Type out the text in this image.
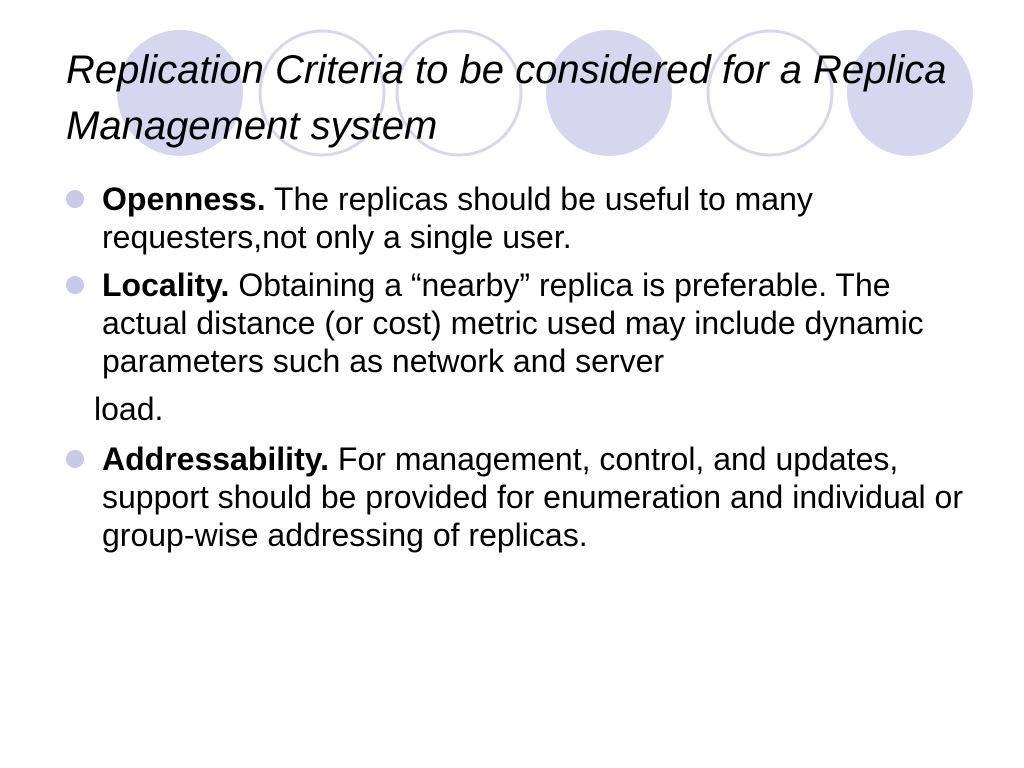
Replication Criteria to be considered for a Replica Management system
Openness. The replicas should be useful to many requesters,not only a single user.
Locality. Obtaining a “nearby” replica is preferable. The actual distance (or cost) metric used may include dynamic parameters such as network and server
load.
Addressability. For management, control, and updates, support should be provided for enumeration and individual or group-wise addressing of replicas.
